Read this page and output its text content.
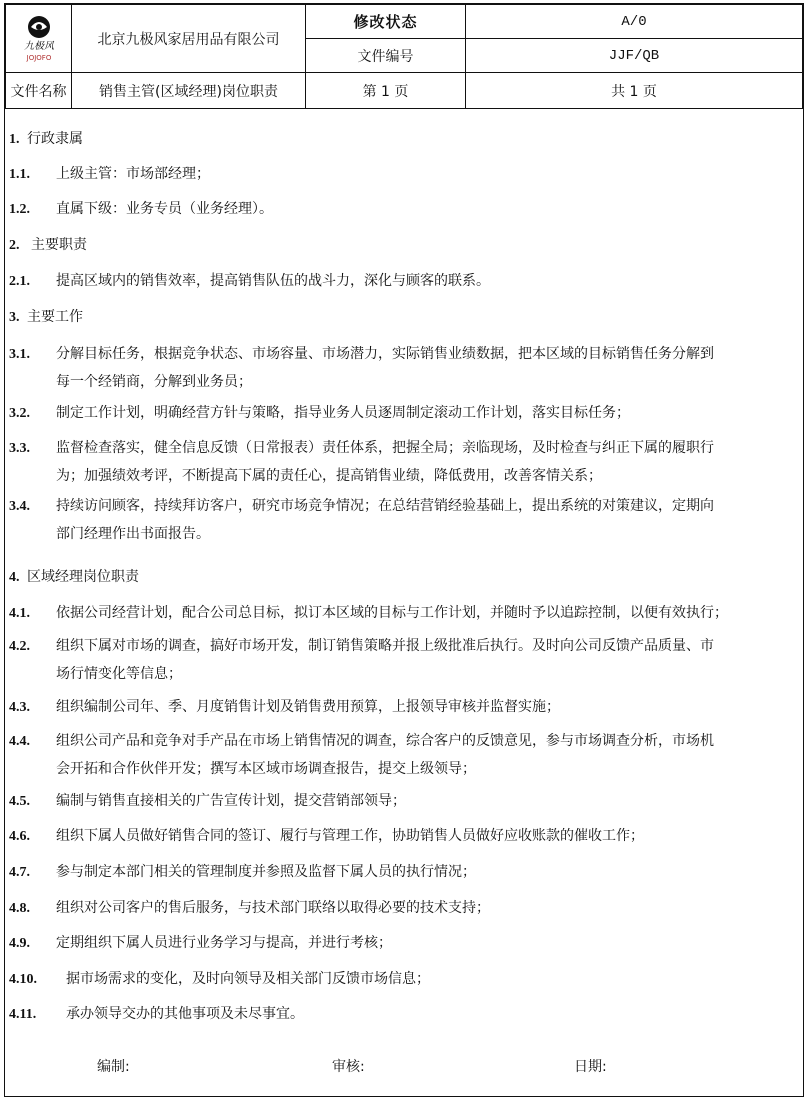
九极风
JOJOFO	北京九极风家居用品有限公司	修改状态	A/0
		文件编号	JJF/QB
文件名称	销售主管(区域经理)岗位职责	第 1 页	共 1 页
1. 行政隶属
1.1. 上级主管：市场部经理；
1.2. 直属下级：业务专员（业务经理）。
2. 主要职责
2.1. 提高区域内的销售效率，提高销售队伍的战斗力，深化与顾客的联系。
3. 主要工作
3.1. 分解目标任务，根据竞争状态、市场容量、市场潜力，实际销售业绩数据，把本区域的目标销售任务分解到
每一个经销商，分解到业务员；
3.2. 制定工作计划，明确经营方针与策略，指导业务人员逐周制定滚动工作计划，落实目标任务；
3.3. 监督检查落实，健全信息反馈（日常报表）责任体系，把握全局；亲临现场，及时检查与纠正下属的履职行
为；加强绩效考评，不断提高下属的责任心，提高销售业绩，降低费用，改善客情关系；
3.4. 持续访问顾客，持续拜访客户，研究市场竞争情况；在总结营销经验基础上，提出系统的对策建议，定期向
部门经理作出书面报告。
4. 区域经理岗位职责
4.1. 依据公司经营计划，配合公司总目标，拟订本区域的目标与工作计划，并随时予以追踪控制，以便有效执行；
4.2. 组织下属对市场的调查，搞好市场开发，制订销售策略并报上级批准后执行。及时向公司反馈产品质量、市
场行情变化等信息；
4.3. 组织编制公司年、季、月度销售计划及销售费用预算，上报领导审核并监督实施；
4.4. 组织公司产品和竞争对手产品在市场上销售情况的调查，综合客户的反馈意见，参与市场调查分析，市场机
会开拓和合作伙伴开发；撰写本区域市场调查报告，提交上级领导；
4.5. 编制与销售直接相关的广告宣传计划，提交营销部领导；
4.6. 组织下属人员做好销售合同的签订、履行与管理工作，协助销售人员做好应收账款的催收工作；
4.7. 参与制定本部门相关的管理制度并参照及监督下属人员的执行情况；
4.8. 组织对公司客户的售后服务，与技术部门联络以取得必要的技术支持；
4.9. 定期组织下属人员进行业务学习与提高，并进行考核；
4.10. 据市场需求的变化，及时向领导及相关部门反馈市场信息；
4.11. 承办领导交办的其他事项及未尽事宜。
编制:	审核:	日期:
